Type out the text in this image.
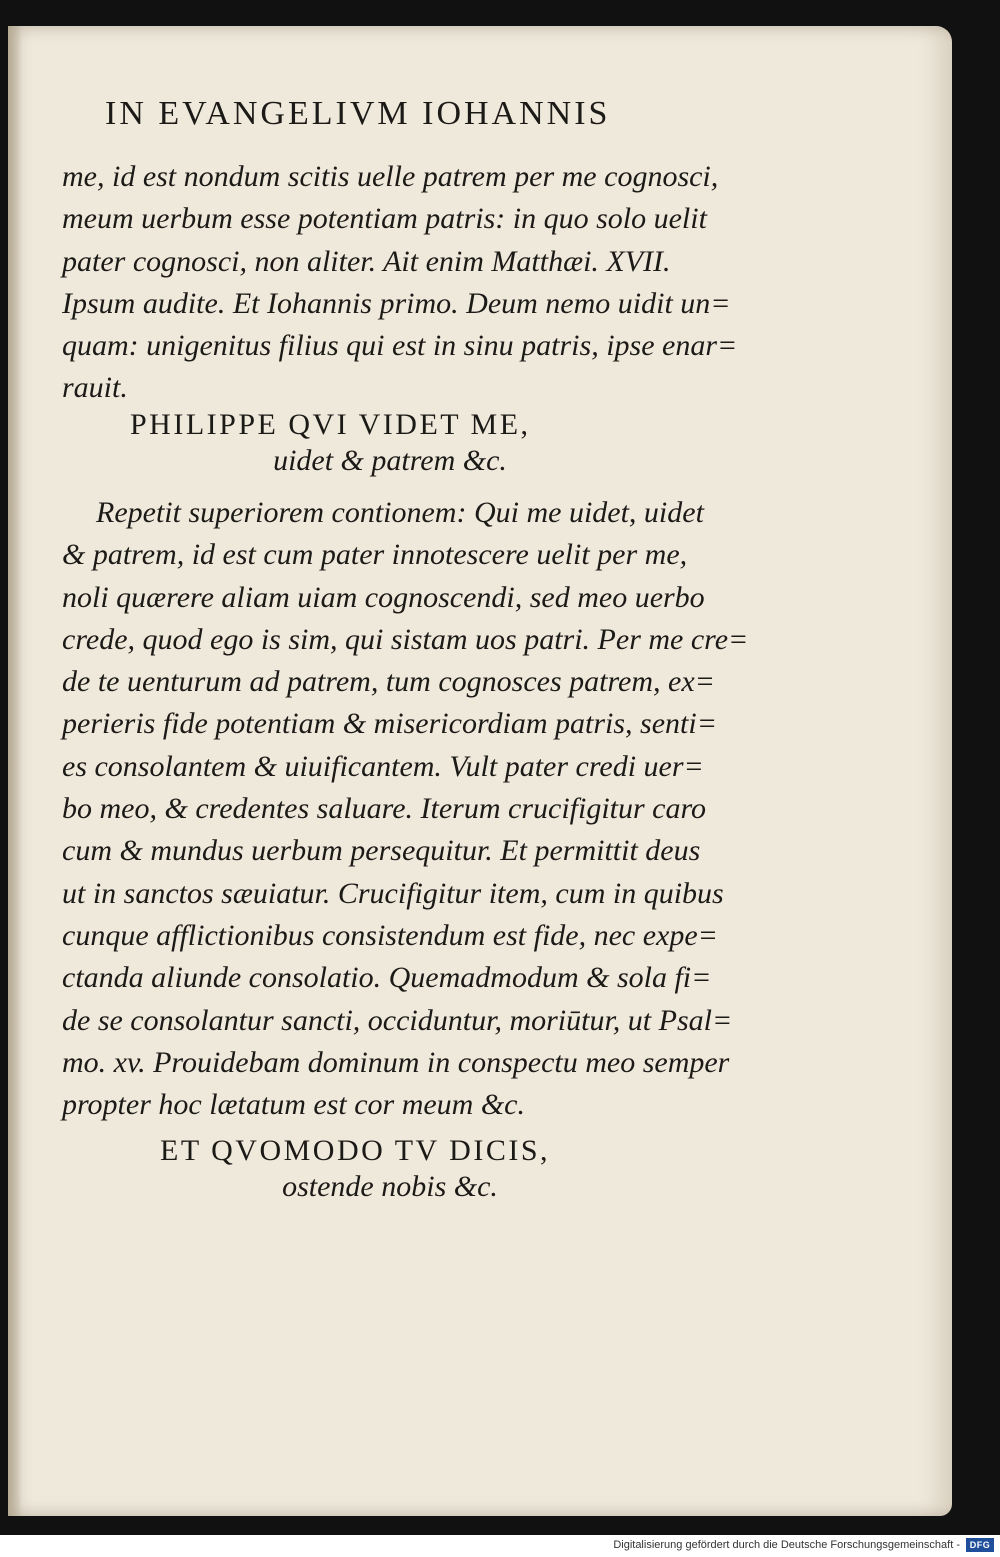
IN EVANGELIVM IOHANNIS
me, id est nondum scitis uelle patrem per me cognosci,
meum uerbum esse potentiam patris: in quo solo uelit
pater cognosci, non aliter. Ait enim Matthæi. XVII.
Ipsum audite. Et Iohannis primo. Deum nemo uidit un=
quam: unigenitus filius qui est in sinu patris, ipse enar=
rauit.
PHILIPPE QVI VIDET ME,
uidet & patrem &c.
Repetit superiorem contionem: Qui me uidet, uidet
& patrem, id est cum pater innotescere uelit per me,
noli quærere aliam uiam cognoscendi, sed meo uerbo
crede, quod ego is sim, qui sistam uos patri. Per me cre=
de te uenturum ad patrem, tum cognosces patrem, ex=
perieris fide potentiam & misericordiam patris, senti=
es consolantem & uiuificantem. Vult pater credi uer=
bo meo, & credentes saluare. Iterum crucifigitur caro
cum & mundus uerbum persequitur. Et permittit deus
ut in sanctos sæuiatur. Crucifigitur item, cum in quibus
cunque afflictionibus consistendum est fide, nec expe=
ctanda aliunde consolatio. Quemadmodum & sola fi=
de se consolantur sancti, occiduntur, moriūtur, ut Psal=
mo. xv. Prouidebam dominum in conspectu meo semper
propter hoc lætatum est cor meum &c.
ET QVOMODO TV DICIS,
ostende nobis &c.
Digitalisierung gefördert durch die Deutsche Forschungsgemeinschaft -	DFG
